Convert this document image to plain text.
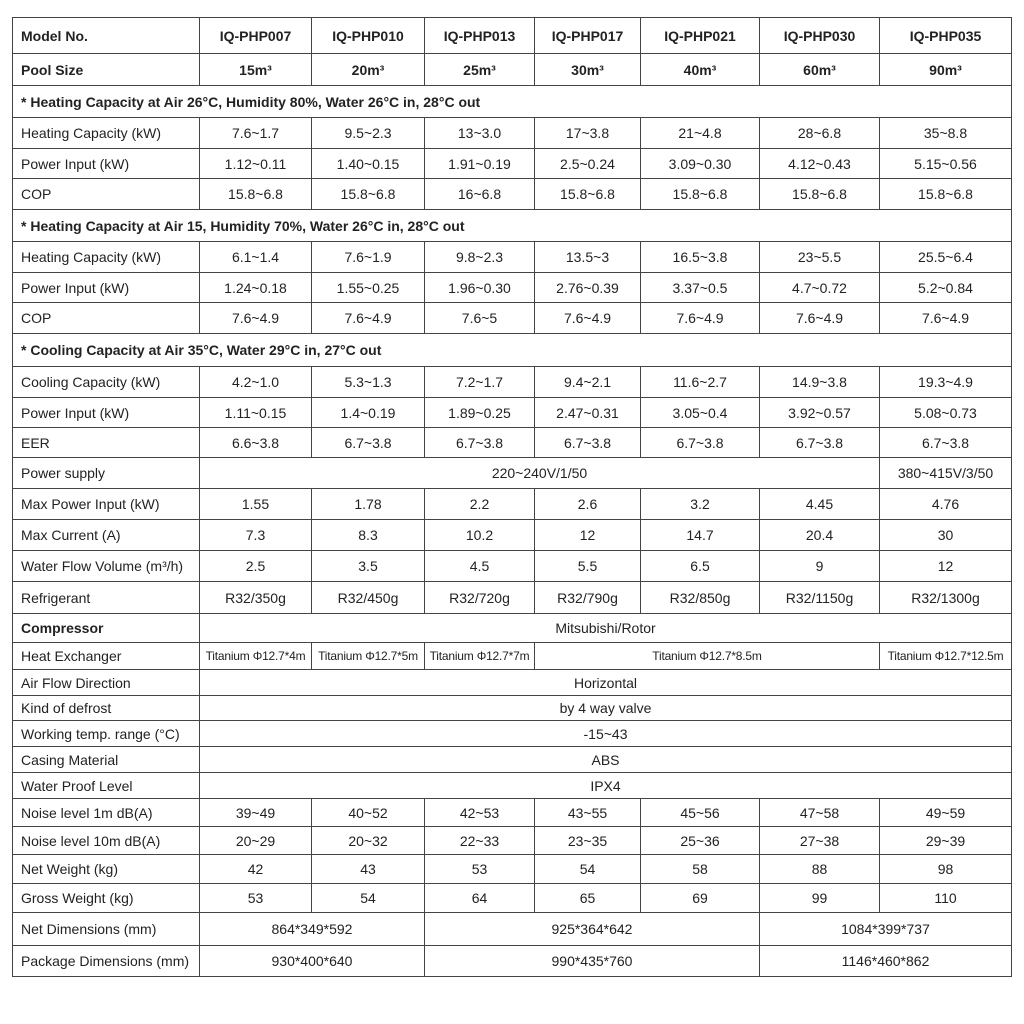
Model No.	IQ-PHP007	IQ-PHP010	IQ-PHP013	IQ-PHP017	IQ-PHP021	IQ-PHP030	IQ-PHP035
Pool Size	15m³	20m³	25m³	30m³	40m³	60m³	90m³
* Heating Capacity at Air 26°C, Humidity 80%, Water 26°C in, 28°C out							
Heating Capacity (kW)	7.6~1.7	9.5~2.3	13~3.0	17~3.8	21~4.8	28~6.8	35~8.8
Power Input (kW)	1.12~0.11	1.40~0.15	1.91~0.19	2.5~0.24	3.09~0.30	4.12~0.43	5.15~0.56
COP	15.8~6.8	15.8~6.8	16~6.8	15.8~6.8	15.8~6.8	15.8~6.8	15.8~6.8
* Heating Capacity at Air 15, Humidity 70%, Water 26°C in, 28°C out							
Heating Capacity (kW)	6.1~1.4	7.6~1.9	9.8~2.3	13.5~3	16.5~3.8	23~5.5	25.5~6.4
Power Input (kW)	1.24~0.18	1.55~0.25	1.96~0.30	2.76~0.39	3.37~0.5	4.7~0.72	5.2~0.84
COP	7.6~4.9	7.6~4.9	7.6~5	7.6~4.9	7.6~4.9	7.6~4.9	7.6~4.9
* Cooling Capacity at Air 35°C, Water 29°C in, 27°C out							
Cooling Capacity (kW)	4.2~1.0	5.3~1.3	7.2~1.7	9.4~2.1	11.6~2.7	14.9~3.8	19.3~4.9
Power Input (kW)	1.11~0.15	1.4~0.19	1.89~0.25	2.47~0.31	3.05~0.4	3.92~0.57	5.08~0.73
EER	6.6~3.8	6.7~3.8	6.7~3.8	6.7~3.8	6.7~3.8	6.7~3.8	6.7~3.8
Power supply	220~240V/1/50						380~415V/3/50
Max Power Input (kW)	1.55	1.78	2.2	2.6	3.2	4.45	4.76
Max Current (A)	7.3	8.3	10.2	12	14.7	20.4	30
Water Flow Volume (m³/h)	2.5	3.5	4.5	5.5	6.5	9	12
Refrigerant	R32/350g	R32/450g	R32/720g	R32/790g	R32/850g	R32/1150g	R32/1300g
Compressor	Mitsubishi/Rotor						
Heat Exchanger	Titanium Φ12.7*4m	Titanium Φ12.7*5m	Titanium Φ12.7*7m	Titanium Φ12.7*8.5m			Titanium Φ12.7*12.5m
Air Flow Direction	Horizontal						
Kind of defrost	by 4 way valve						
Working temp. range (°C)	-15~43						
Casing Material	ABS						
Water Proof Level	IPX4						
Noise level 1m dB(A)	39~49	40~52	42~53	43~55	45~56	47~58	49~59
Noise level 10m dB(A)	20~29	20~32	22~33	23~35	25~36	27~38	29~39
Net Weight (kg)	42	43	53	54	58	88	98
Gross Weight (kg)	53	54	64	65	69	99	110
Net Dimensions (mm)	864*349*592		925*364*642			1084*399*737	
Package Dimensions (mm)	930*400*640		990*435*760			1146*460*862	
